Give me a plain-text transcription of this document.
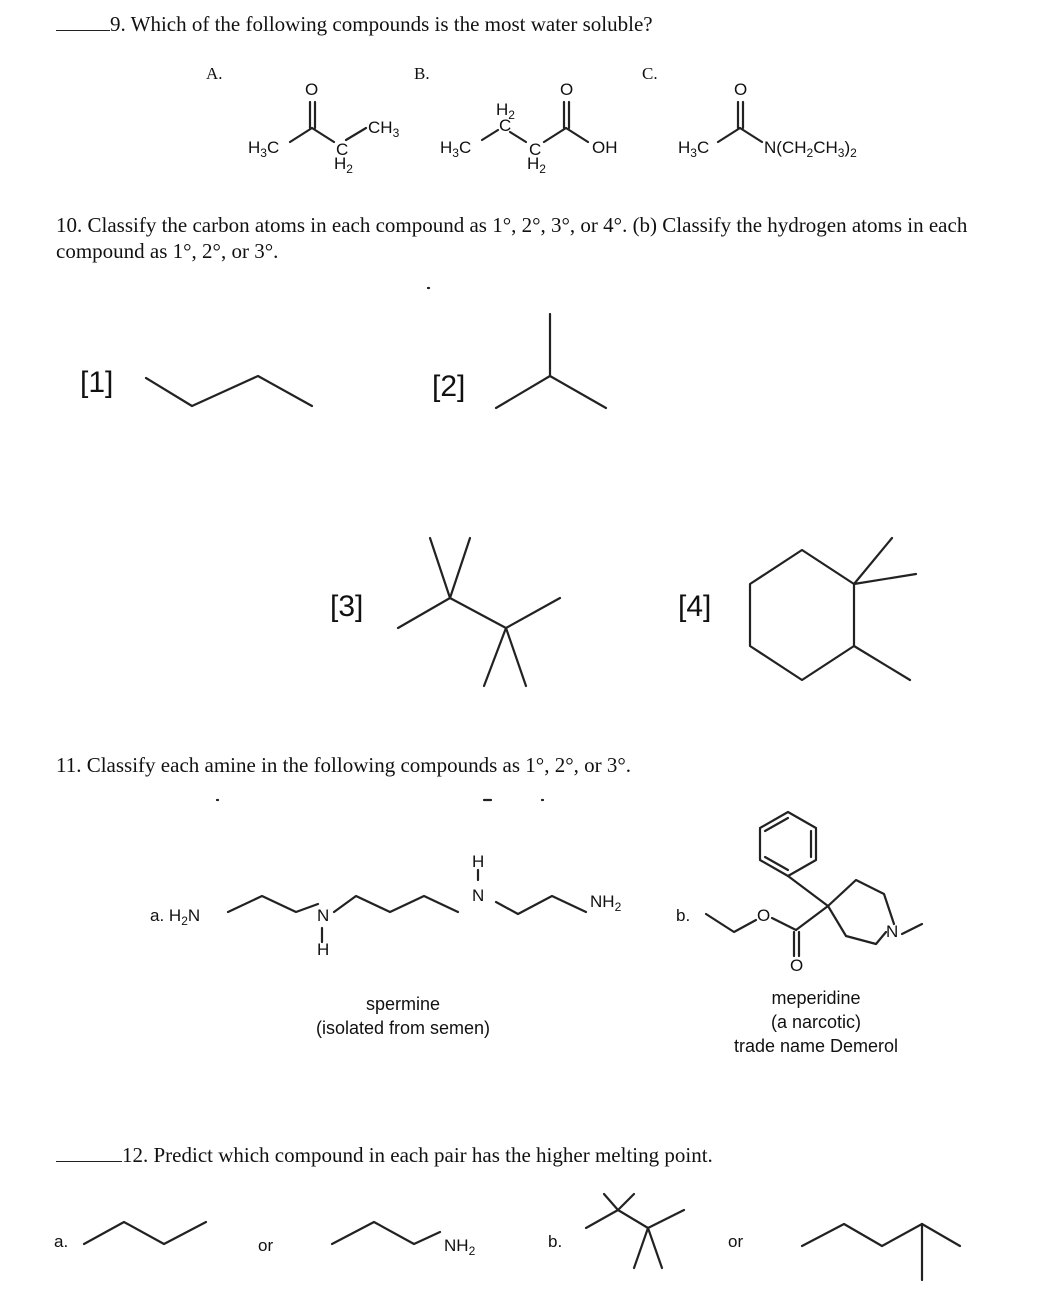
9. Which of the following compounds is the most water soluble?
A.	B.	C.
$H_3C$
O
C
$H_2$
$CH_3$
$H_3C$
$H_2$
C
C
$H_2$
O
OH	$H_3C$
O
$N(CH_2CH_3)_2$
10. Classify the carbon atoms in each compound as 1°, 2°, 3°, or 4°. (b) Classify the hydrogen atoms in each
compound as 1°, 2°, or 3°.
[1]	[2]
[3]	[4]
11. Classify each amine in the following compounds as 1°, 2°, or 3°.
a. $H_2N$	N
H
H
N	$NH_2$
spermine
(isolated from semen)
b.	O
O
N
meperidine
(a narcotic)
trade name Demerol
12. Predict which compound in each pair has the higher melting point.
a.	or	$NH_2$	b.	or
